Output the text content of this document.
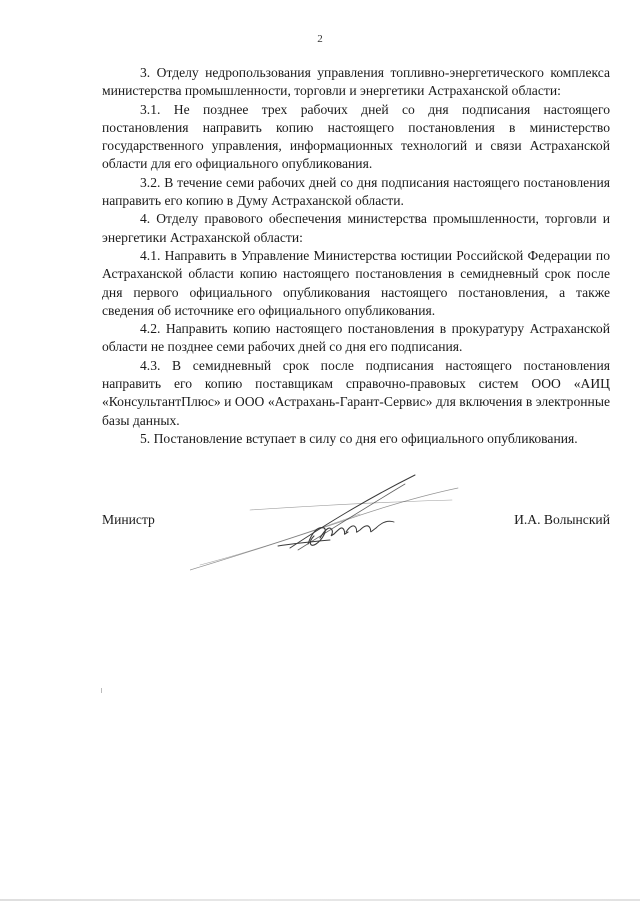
2

3. Отделу недропользования управления топливно-энергетического комплекса министерства промышленности, торговли и энергетики Астраханской области:

3.1. Не позднее трех рабочих дней со дня подписания настоящего постановления направить копию настоящего постановления в министерство государственного управления, информационных технологий и связи Астраханской области для его официального опубликования.

3.2. В течение семи рабочих дней со дня подписания настоящего постановления направить его копию в Думу Астраханской области.

4. Отделу правового обеспечения министерства промышленности, торговли и энергетики Астраханской области:

4.1. Направить в Управление Министерства юстиции Российской Федерации по Астраханской области копию настоящего постановления в семидневный срок после дня первого официального опубликования настоящего постановления, а также сведения об источнике его официального опубликования.

4.2. Направить копию настоящего постановления в прокуратуру Астраханской области не позднее семи рабочих дней со дня его подписания.

4.3. В семидневный срок после подписания настоящего постановления направить его копию поставщикам справочно-правовых систем ООО «АИЦ «КонсультантПлюс» и ООО «Астрахань-Гарант-Сервис» для включения в электронные базы данных.

5. Постановление вступает в силу со дня его официального опубликования.

Министр	И.А. Волынский
